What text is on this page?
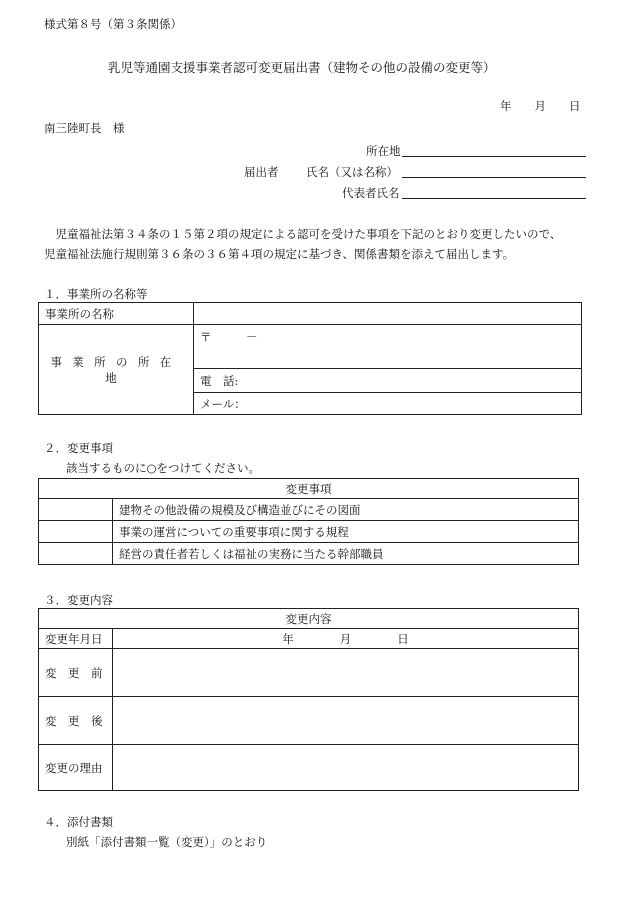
様式第８号（第３条関係）
乳児等通園支援事業者認可変更届出書（建物その他の設備の変更等）
年　　月　　日
南三陸町長　様
所在地
届出者 氏名（又は名称）
代表者氏名
　児童福祉法第３４条の１５第２項の規定による認可を受けた事項を下記のとおり変更したいので、
児童福祉法施行規則第３６条の３６第４項の規定に基づき、関係書類を添えて届出します。
１．事業所の名称等
事業所の名称	
事業所の所在地	〒　　　－
	電　話:
	メール：
２．変更事項
該当するものに○をつけてください。
変更事項	
	建物その他設備の規模及び構造並びにその図面
	事業の運営についての重要事項に関する規程
	経営の責任者若しくは福祉の実務に当たる幹部職員
３．変更内容
変更内容	
変更年月日	年　　　　月　　　　日
変　更　前	
変　更　後	
変更の理由	
４．添付書類
別紙「添付書類一覧（変更）」のとおり
